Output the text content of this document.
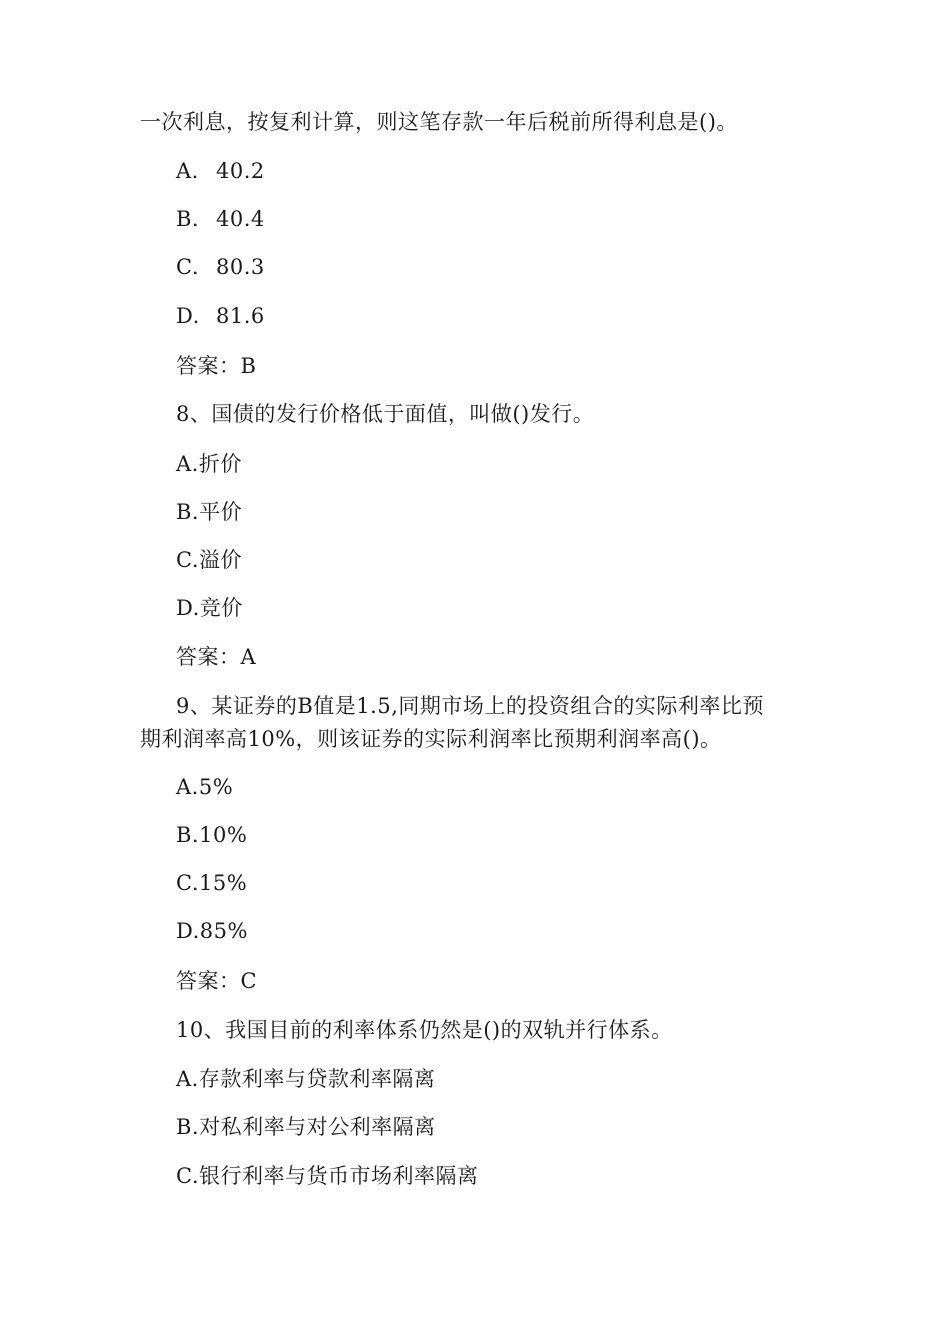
一次利息，按复利计算，则这笔存款一年后税前所得利息是()。
A. 40.2
B. 40.4
C. 80.3
D. 81.6
答案：B
8、国债的发行价格低于面值，叫做()发行。
A.折价
B.平价
C.溢价
D.竞价
答案：A
9、某证券的B值是1.5,同期市场上的投资组合的实际利率比预
期利润率高10%，则该证券的实际利润率比预期利润率高()。
A.5%
B.10%
C.15%
D.85%
答案：C
10、我国目前的利率体系仍然是()的双轨并行体系。
A.存款利率与贷款利率隔离
B.对私利率与对公利率隔离
C.银行利率与货币市场利率隔离
